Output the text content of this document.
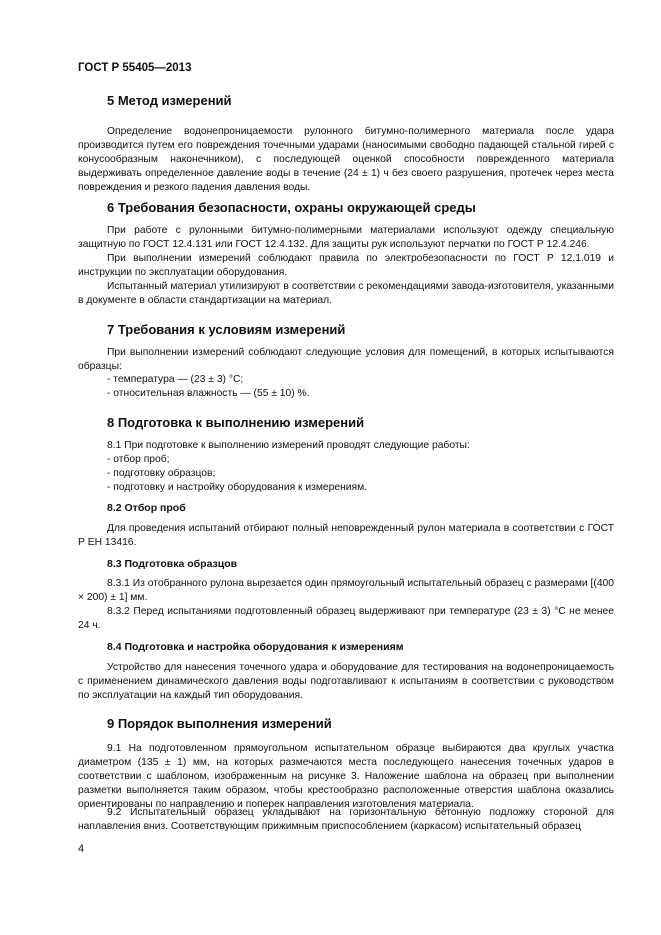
ГОСТ Р 55405—2013
5 Метод измерений

Определение водонепроницаемости рулонного битумно-полимерного материала после удара производится путем его повреждения точечными ударами (наносимыми свободно падающей стальной гирей с конусообразным наконечником), с последующей оценкой способности поврежденного материала выдерживать определенное давление воды в течение (24 ± 1) ч без своего разрушения, протечек через места повреждения и резкого падения давления воды.

6 Требования безопасности, охраны окружающей среды

При работе с рулонными битумно-полимерными материалами используют одежду специальную защитную по ГОСТ 12.4.131 или ГОСТ 12.4.132. Для защиты рук используют перчатки по ГОСТ Р 12.4.246.

При выполнении измерений соблюдают правила по электробезопасности по ГОСТ Р 12.1.019 и инструкции по эксплуатации оборудования.

Испытанный материал утилизируют в соответствии с рекомендациями завода-изготовителя, указанными в документе в области стандартизации на материал.

7 Требования к условиям измерений

При выполнении измерений соблюдают следующие условия для помещений, в которых испытываются образцы:

- температура — (23 ± 3) °C;
- относительная влажность — (55 ± 10) %.
8 Подготовка к выполнению измерений

8.1 При подготовке к выполнению измерений проводят следующие работы:

- отбор проб;
- подготовку образцов;
- подготовку и настройку оборудования к измерениям.
8.2 Отбор проб

Для проведения испытаний отбирают полный неповрежденный рулон материала в соответствии с ГОСТ Р ЕН 13416.

8.3 Подготовка образцов

8.3.1 Из отобранного рулона вырезается один прямоугольный испытательный образец с размерами [(400 × 200) ± 1] мм.

8.3.2 Перед испытаниями подготовленный образец выдерживают при температуре (23 ± 3) °C не менее 24 ч.

8.4 Подготовка и настройка оборудования к измерениям

Устройство для нанесения точечного удара и оборудование для тестирования на водонепроницаемость с применением динамического давления воды подготавливают к испытаниям в соответствии с руководством по эксплуатации на каждый тип оборудования.

9 Порядок выполнения измерений

9.1 На подготовленном прямоугольном испытательном образце выбираются два круглых участка диаметром (135 ± 1) мм, на которых размечаются места последующего нанесения точечных ударов в соответствии с шаблоном, изображенным на рисунке 3. Наложение шаблона на образец при выполнении разметки выполняется таким образом, чтобы крестообразно расположенные отверстия шаблона оказались ориентированы по направлению и поперек направления изготовления материала.

9.2 Испытательный образец укладывают на горизонтальную бетонную подложку стороной для наплавления вниз. Соответствующим прижимным приспособлением (каркасом) испытательный образец

4
